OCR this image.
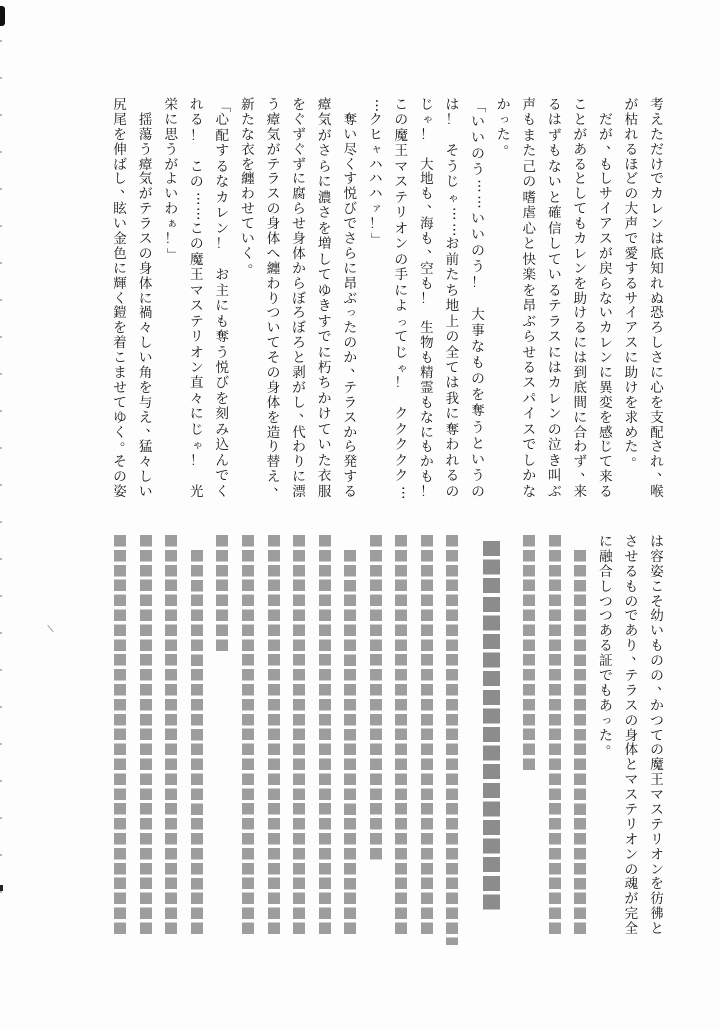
考
え
た
だ
け
で
カ
レ
ン
は
底
知
れ
ぬ
恐
ろ
し
さ
に
心
を
支
配
さ
れ
、
喉
が
枯
れ
る
ほ
ど
の
大
声
で
愛
す
る
サ
イ
ア
ス
に
助
け
を
求
め
た
。

だ
が
、
も
し
サ
イ
ア
ス
が
戻
ら
な
い
カ
レ
ン
に
異
変
を
感
じ
て
来
る
こ
と
が
あ
る
と
し
て
も
カ
レ
ン
を
助
け
る
に
は
到
底
間
に
合
わ
ず
、
来
る
は
ず
も
な
い
と
確
信
し
て
い
る
テ
ラ
ス
に
は
カ
レ
ン
の
泣
き
叫
ぶ
声
も
ま
た
己
の
嗜
虐
心
と
快
楽
を
昂
ぶ
ら
せ
る
ス
パ
イ
ス
で
し
か
な
か
っ
た
。
「
い
い
の
う
…
…
い
い
の
う
！

大
事
な
も
の
を
奪
う
と
い
う
の
は
！

そ
う
じ
ゃ
…
…
お
前
た
ち
地
上
の
全
て
は
我
に
奪
わ
れ
る
の
じ
ゃ
！

大
地
も
、
海
も
、
空
も
！

生
物
も
精
霊
も
な
に
も
か
も
！
こ
の
魔
王
マ
ス
テ
リ
オ
ン
の
手
に
よ
っ
て
じ
ゃ
！

ク
ク
ク
ク
ク
…
…
ク
ヒ
ャ
ハ
ハ
ハ
ァ
！
」

奪
い
尽
く
す
悦
び
で
さ
ら
に
昂
ぶ
っ
た
の
か
、
テ
ラ
ス
か
ら
発
す
る
瘴
気
が
さ
ら
に
濃
さ
を
増
し
て
ゆ
き
す
で
に
朽
ち
か
け
て
い
た
衣
服
を
ぐ
ず
ぐ
ず
に
腐
ら
せ
身
体
か
ら
ぼ
ろ
ぼ
ろ
と
剥
が
し
、
代
わ
り
に
漂
う
瘴
気
が
テ
ラ
ス
の
身
体
へ
纏
わ
り
つ
い
て
そ
の
身
体
を
造
り
替
え
、
新
た
な
衣
を
纏
わ
せ
て
い
く
。
「
心
配
す
る
な
カ
レ
ン
！

お
主
に
も
奪
う
悦
び
を
刻
み
込
ん
で
く
れ
る
！

こ
の
…
…
こ
の
魔
王
マ
ス
テ
リ
オ
ン
直
々
に
じ
ゃ
！

光
栄
に
思
う
が
よ
い
わ
ぁ
！
」

揺
蕩
う
瘴
気
が
テ
ラ
ス
の
身
体
に
禍
々
し
い
角
を
与
え
、
猛
々
し
い
尻
尾
を
伸
ば
し
、
眩
い
金
色
に
輝
く
鎧
を
着
こ
ま
せ
て
ゆ
く
。
そ
の
姿
は
容
姿
こ
そ
幼
い
も
の
の
、
か
つ
て
の
魔
王
マ
ス
テ
リ
オ
ン
を
彷
彿
と
さ
せ
る
も
の
で
あ
り
、
テ
ラ
ス
の
身
体
と
マ
ス
テ
リ
オ
ン
の
魂
が
完
全
に
融
合
し
つ
つ
あ
る
証
で
も
あ
っ
た
。
